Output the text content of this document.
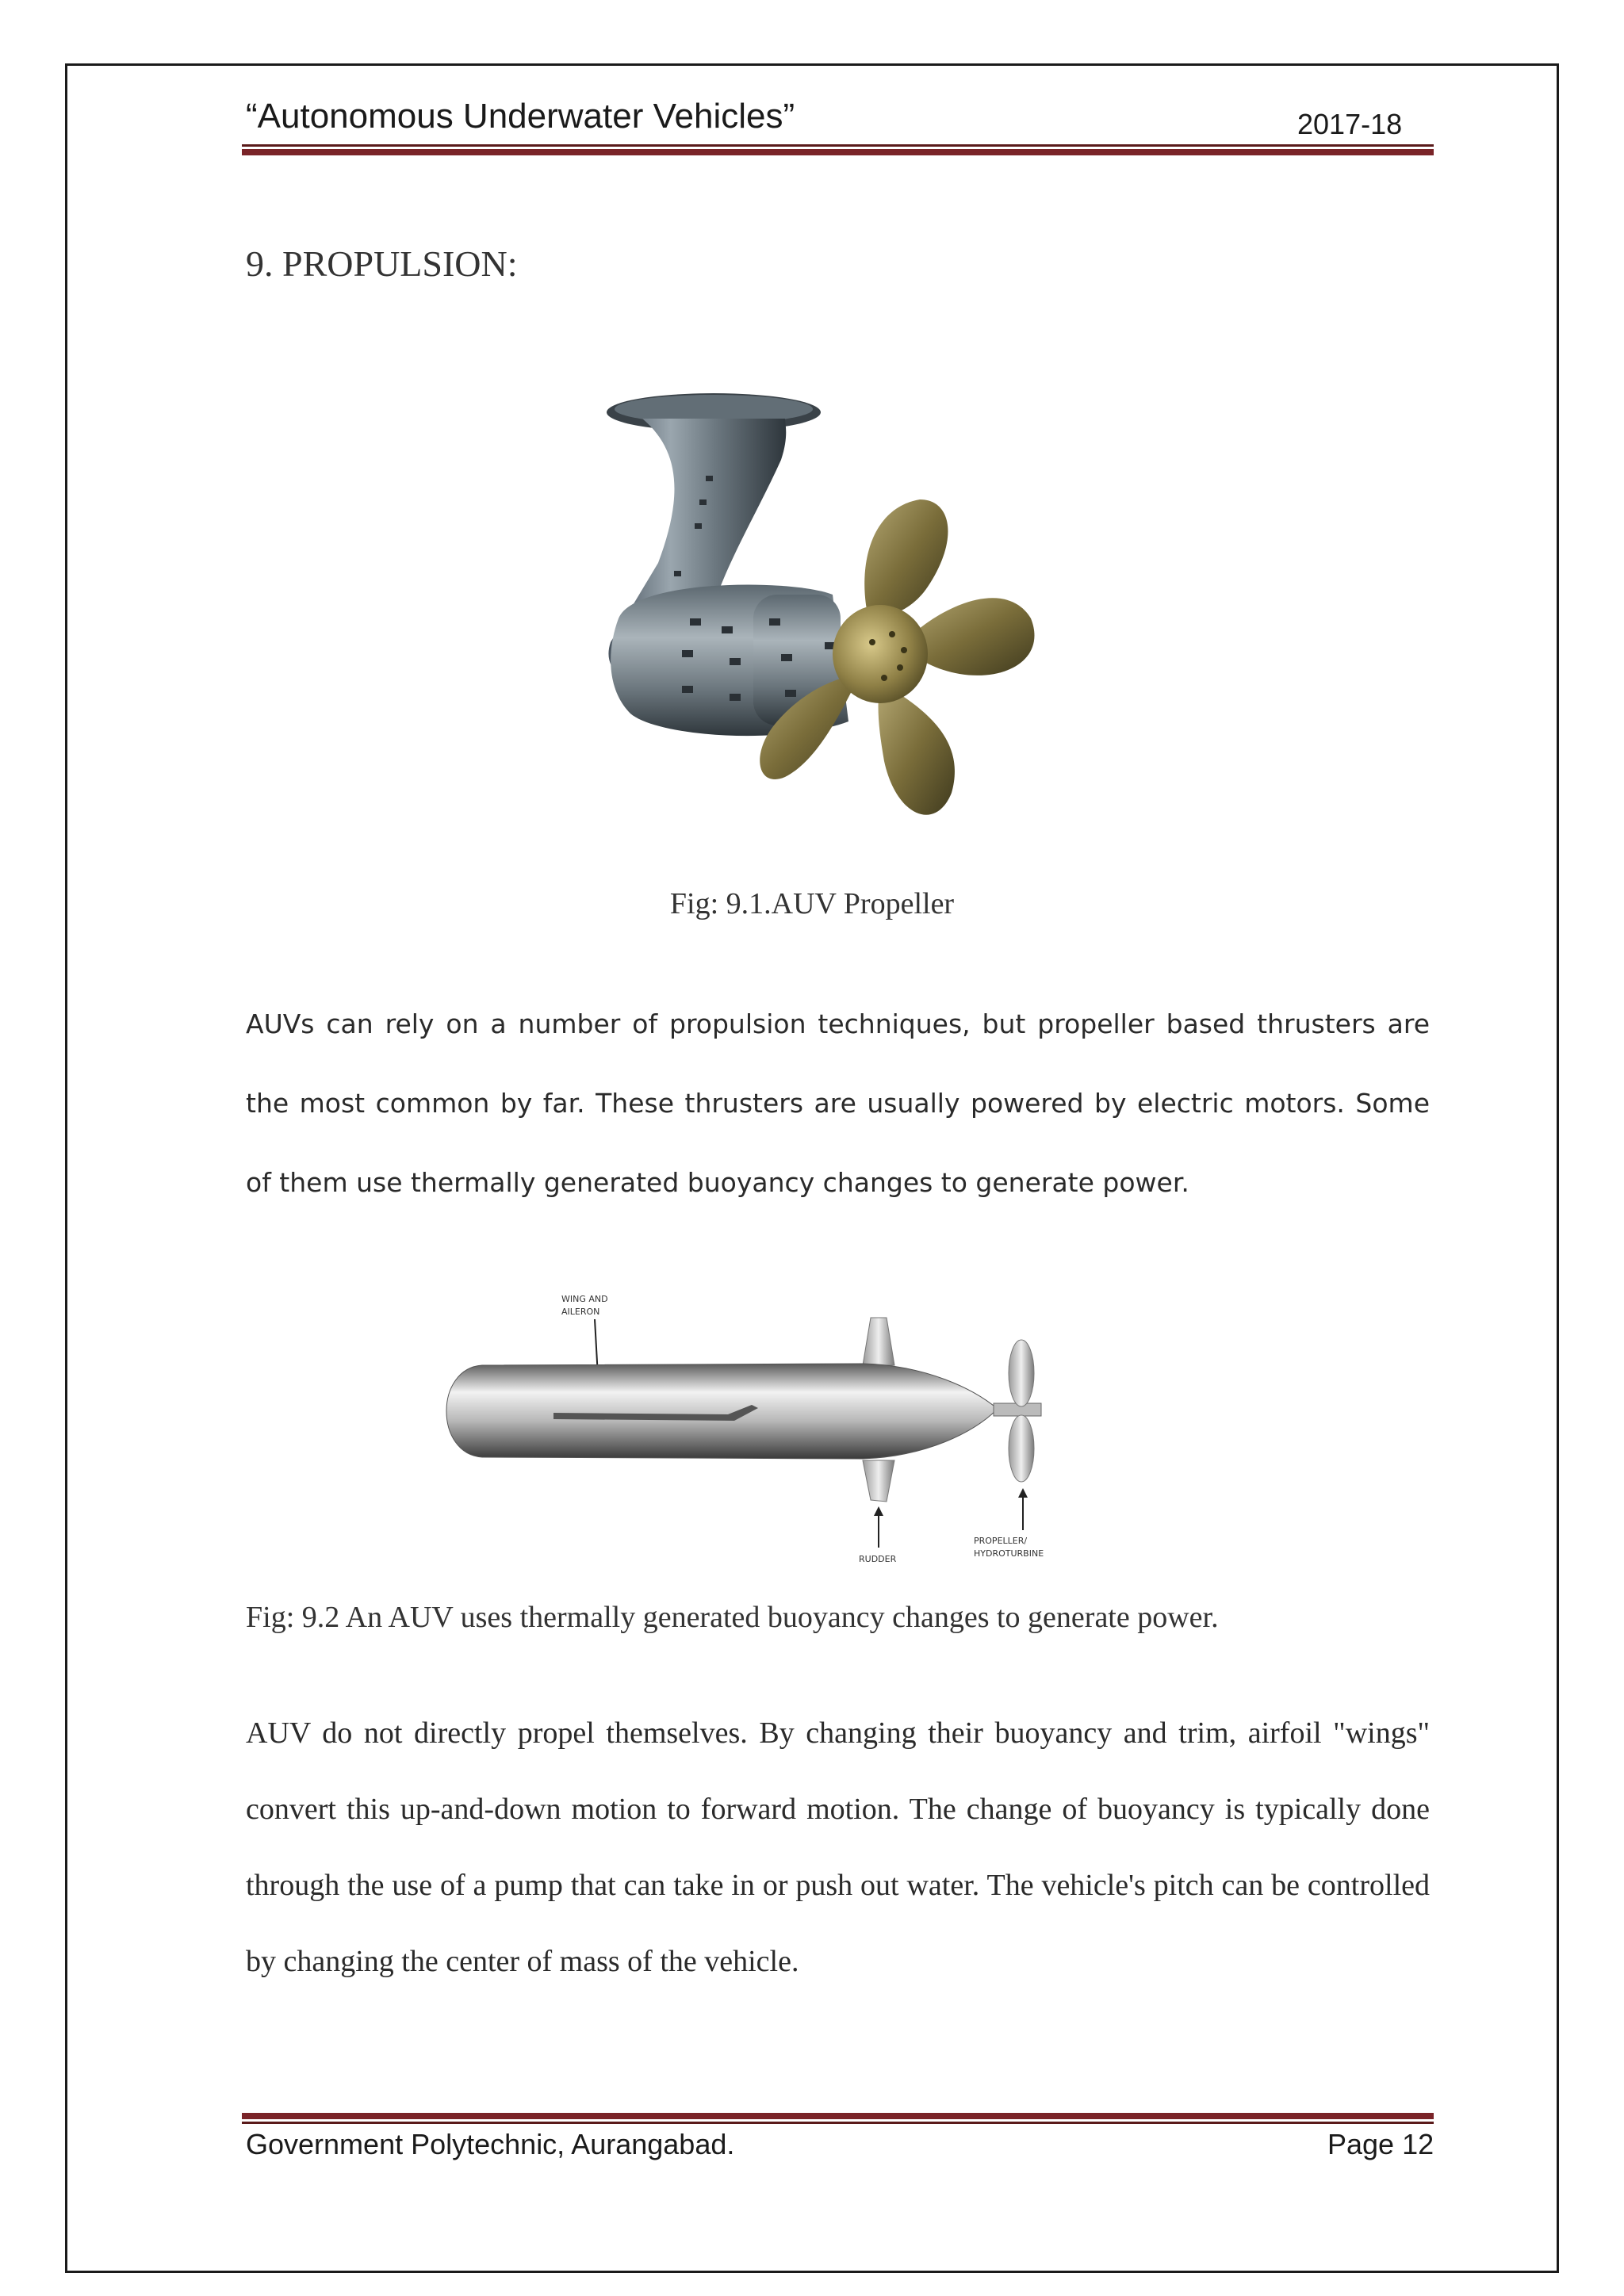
“Autonomous Underwater Vehicles”	2017-18
9. PROPULSION:
Fig: 9.1.AUV Propeller

AUVs can rely on a number of propulsion techniques, but propeller based thrusters are the most common by far. These thrusters are usually powered by electric motors. Some of them use thermally generated buoyancy changes to generate power.

WING AND
AILERON
RUDDER
PROPELLER/
HYDROTURBINE
Fig: 9.2 An AUV uses thermally generated buoyancy changes to generate power.

AUV do not directly propel themselves. By changing their buoyancy and trim, airfoil "wings" convert this up-and-down motion to forward motion. The change of buoyancy is typically done through the use of a pump that can take in or push out water. The vehicle's pitch can be controlled by changing the center of mass of the vehicle.

Government Polytechnic, Aurangabad.	Page 12
